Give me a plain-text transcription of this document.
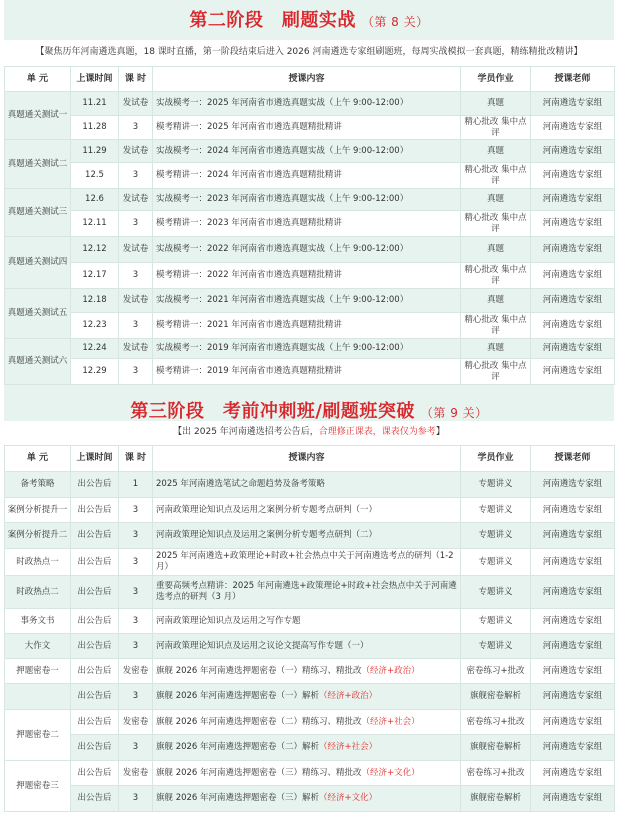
第二阶段　刷题实战 （第 8 关）
【聚焦历年河南遴选真题，18 课时直播，第一阶段结束后进入 2026 河南遴选专家组刷题班，每周实战模拟一套真题，精练精批改精讲】
单 元	上课时间	课 时	授课内容	学员作业	授课老师
真题通关测试一	11.21	发试卷	实战模考一：2025 年河南省市遴选真题实战（上午 9:00-12:00）	真题	河南遴选专家组
	11.28	3	模考精讲一：2025 年河南省市遴选真题精批精讲	精心批改 集中点评	河南遴选专家组
真题通关测试二	11.29	发试卷	实战模考一：2024 年河南省市遴选真题实战（上午 9:00-12:00）	真题	河南遴选专家组
	12.5	3	模考精讲一：2024 年河南省市遴选真题精批精讲	精心批改 集中点评	河南遴选专家组
真题通关测试三	12.6	发试卷	实战模考一：2023 年河南省市遴选真题实战（上午 9:00-12:00）	真题	河南遴选专家组
	12.11	3	模考精讲一：2023 年河南省市遴选真题精批精讲	精心批改 集中点评	河南遴选专家组
真题通关测试四	12.12	发试卷	实战模考一：2022 年河南省市遴选真题实战（上午 9:00-12:00）	真题	河南遴选专家组
	12.17	3	模考精讲一：2022 年河南省市遴选真题精批精讲	精心批改 集中点评	河南遴选专家组
真题通关测试五	12.18	发试卷	实战模考一：2021 年河南省市遴选真题实战（上午 9:00-12:00）	真题	河南遴选专家组
	12.23	3	模考精讲一：2021 年河南省市遴选真题精批精讲	精心批改 集中点评	河南遴选专家组
真题通关测试六	12.24	发试卷	实战模考一：2019 年河南省市遴选真题实战（上午 9:00-12:00）	真题	河南遴选专家组
	12.29	3	模考精讲一：2019 年河南省市遴选真题精批精讲	精心批改 集中点评	河南遴选专家组
第三阶段　考前冲刺班/刷题班突破 （第 9 关）
【出 2025 年河南遴选招考公告后，合理修正课表，课表仅为参考】
单 元	上课时间	课 时	授课内容	学员作业	授课老师
备考策略	出公告后	1	2025 年河南遴选笔试之命题趋势及备考策略	专题讲义	河南遴选专家组
案例分析提升一	出公告后	3	河南政策理论知识点及运用之案例分析专题考点研判（一）	专题讲义	河南遴选专家组
案例分析提升二	出公告后	3	河南政策理论知识点及运用之案例分析专题考点研判（二）	专题讲义	河南遴选专家组
时政热点一	出公告后	3	2025 年河南遴选+政策理论+时政+社会热点中关于河南遴选考点的研判（1-2 月）	专题讲义	河南遴选专家组
时政热点二	出公告后	3	重要高频考点精讲：2025 年河南遴选+政策理论+时政+社会热点中关于河南遴选考点的研判（3 月）	专题讲义	河南遴选专家组
事务文书	出公告后	3	河南政策理论知识点及运用之写作专题	专题讲义	河南遴选专家组
大作文	出公告后	3	河南政策理论知识点及运用之议论文提高写作专题（一）	专题讲义	河南遴选专家组
押题密卷一	出公告后	发密卷	旗舰 2026 年河南遴选押题密卷（一）精练习、精批改（经济+政治）	密卷练习+批改	河南遴选专家组
	出公告后	3	旗舰 2026 年河南遴选押题密卷（一）解析（经济+政治）	旗舰密卷解析	河南遴选专家组
押题密卷二	出公告后	发密卷	旗舰 2026 年河南遴选押题密卷（二）精练习、精批改（经济+社会）	密卷练习+批改	河南遴选专家组
	出公告后	3	旗舰 2026 年河南遴选押题密卷（二）解析（经济+社会）	旗舰密卷解析	河南遴选专家组
押题密卷三	出公告后	发密卷	旗舰 2026 年河南遴选押题密卷（三）精练习、精批改（经济+文化）	密卷练习+批改	河南遴选专家组
	出公告后	3	旗舰 2026 年河南遴选押题密卷（三）解析（经济+文化）	旗舰密卷解析	河南遴选专家组
